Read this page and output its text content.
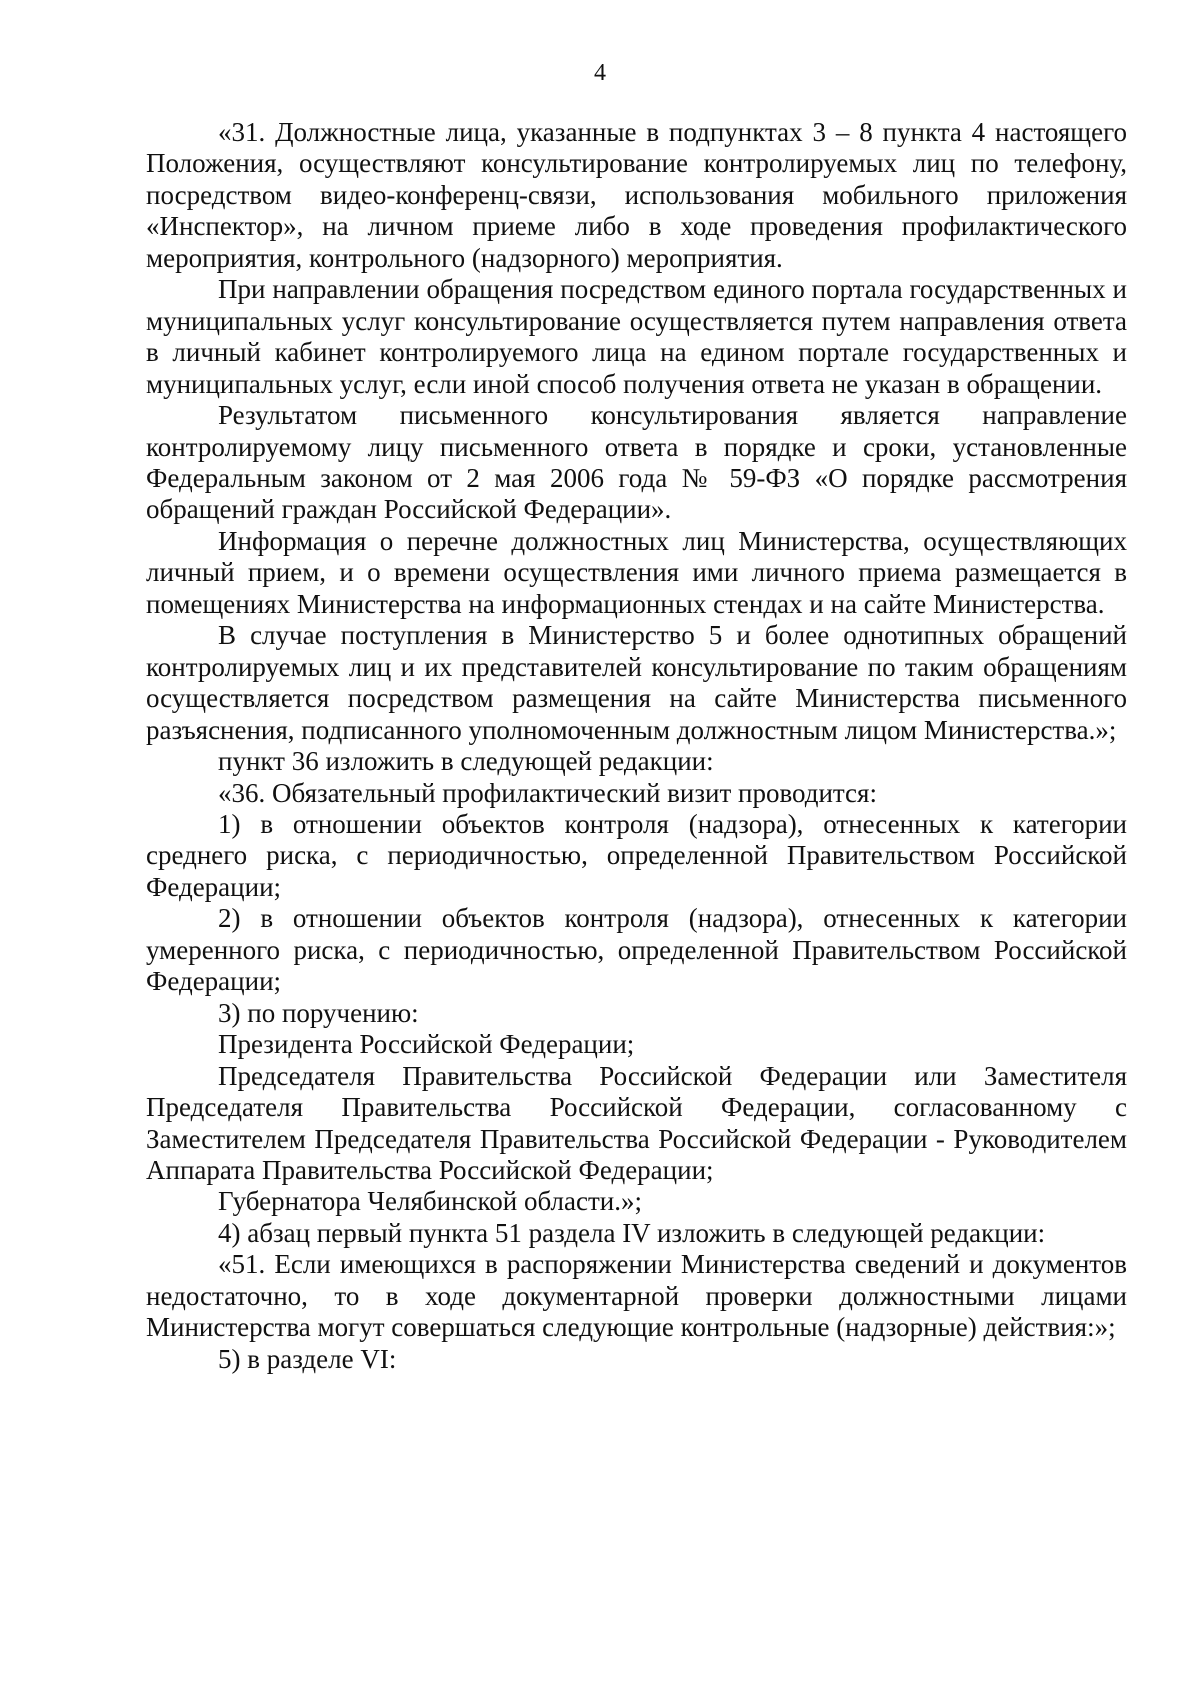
4

«31. Должностные лица, указанные в подпунктах 3 – 8 пункта 4 настоящего Положения, осуществляют консультирование контролируемых лиц по телефону, посредством видео-конференц-связи, использования мобильного приложения «Инспектор», на личном приеме либо в ходе проведения профилактического мероприятия, контрольного (надзорного) мероприятия.

При направлении обращения посредством единого портала государственных и муниципальных услуг консультирование осуществляется путем направления ответа в личный кабинет контролируемого лица на едином портале государственных и муниципальных услуг, если иной способ получения ответа не указан в обращении.

Результатом письменного консультирования является направление контролируемому лицу письменного ответа в порядке и сроки, установленные Федеральным законом от 2 мая 2006 года № 59-ФЗ «О порядке рассмотрения обращений граждан Российской Федерации».

Информация о перечне должностных лиц Министерства, осуществляющих личный прием, и о времени осуществления ими личного приема размещается в помещениях Министерства на информационных стендах и на сайте Министерства.

В случае поступления в Министерство 5 и более однотипных обращений контролируемых лиц и их представителей консультирование по таким обращениям осуществляется посредством размещения на сайте Министерства письменного разъяснения, подписанного уполномоченным должностным лицом Министерства.»;

пункт 36 изложить в следующей редакции:

«36. Обязательный профилактический визит проводится:

1) в отношении объектов контроля (надзора), отнесенных к категории среднего риска, с периодичностью, определенной Правительством Российской Федерации;

2) в отношении объектов контроля (надзора), отнесенных к категории умеренного риска, с периодичностью, определенной Правительством Российской Федерации;

3) по поручению:

Президента Российской Федерации;

Председателя Правительства Российской Федерации или Заместителя Председателя Правительства Российской Федерации, согласованному с Заместителем Председателя Правительства Российской Федерации - Руководителем Аппарата Правительства Российской Федерации;

Губернатора Челябинской области.»;

4) абзац первый пункта 51 раздела IV изложить в следующей редакции:

«51. Если имеющихся в распоряжении Министерства сведений и документов недостаточно, то в ходе документарной проверки должностными лицами Министерства могут совершаться следующие контрольные (надзорные) действия:»;

5) в разделе VI:
